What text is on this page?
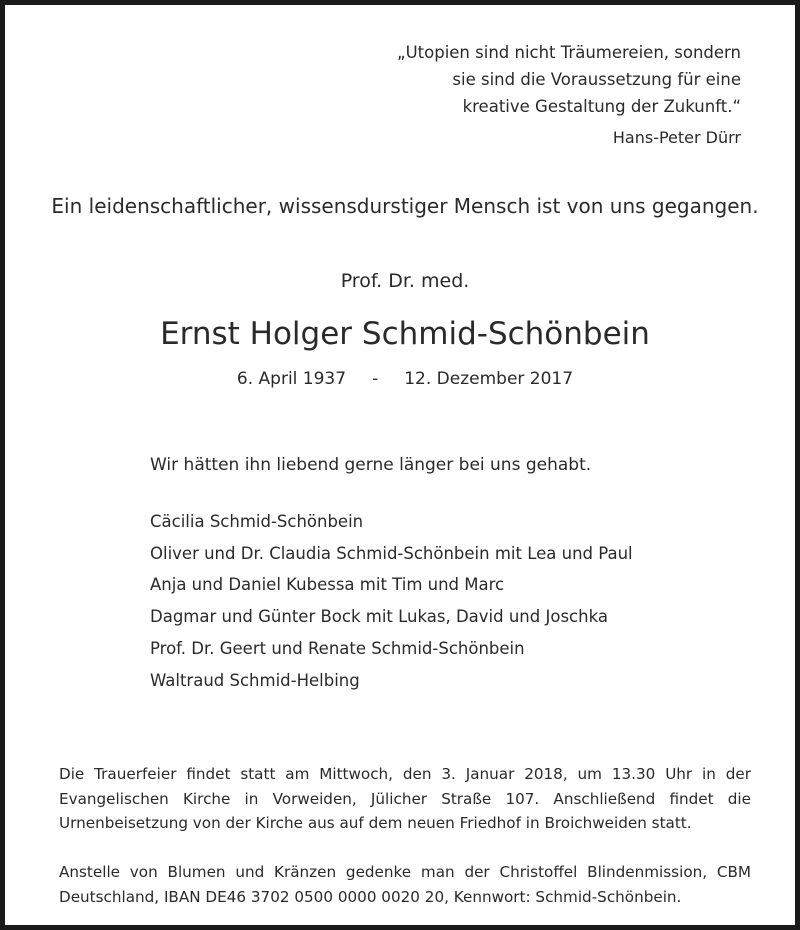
„Utopien sind nicht Träumereien, sondern
sie sind die Voraussetzung für eine
kreative Gestaltung der Zukunft.“
Hans-Peter Dürr
Ein leidenschaftlicher, wissensdurstiger Mensch ist von uns gegangen.
Prof. Dr. med.
Ernst Holger Schmid-Schönbein
6. April 1937 - 12. Dezember 2017
Wir hätten ihn liebend gerne länger bei uns gehabt.
Cäcilia Schmid-Schönbein
Oliver und Dr. Claudia Schmid-Schönbein mit Lea und Paul
Anja und Daniel Kubessa mit Tim und Marc
Dagmar und Günter Bock mit Lukas, David und Joschka
Prof. Dr. Geert und Renate Schmid-Schönbein
Waltraud Schmid-Helbing

Die Trauerfeier findet statt am Mittwoch, den 3. Januar 2018, um 13.30 Uhr in der Evangelischen Kirche in Vorweiden, Jülicher Straße 107. Anschließend findet die Urnenbeisetzung von der Kirche aus auf dem neuen Friedhof in Broichweiden statt.

Anstelle von Blumen und Kränzen gedenke man der Christoffel Blindenmission, CBM Deutschland, IBAN DE46 3702 0500 0000 0020 20, Kennwort: Schmid-Schönbein.
